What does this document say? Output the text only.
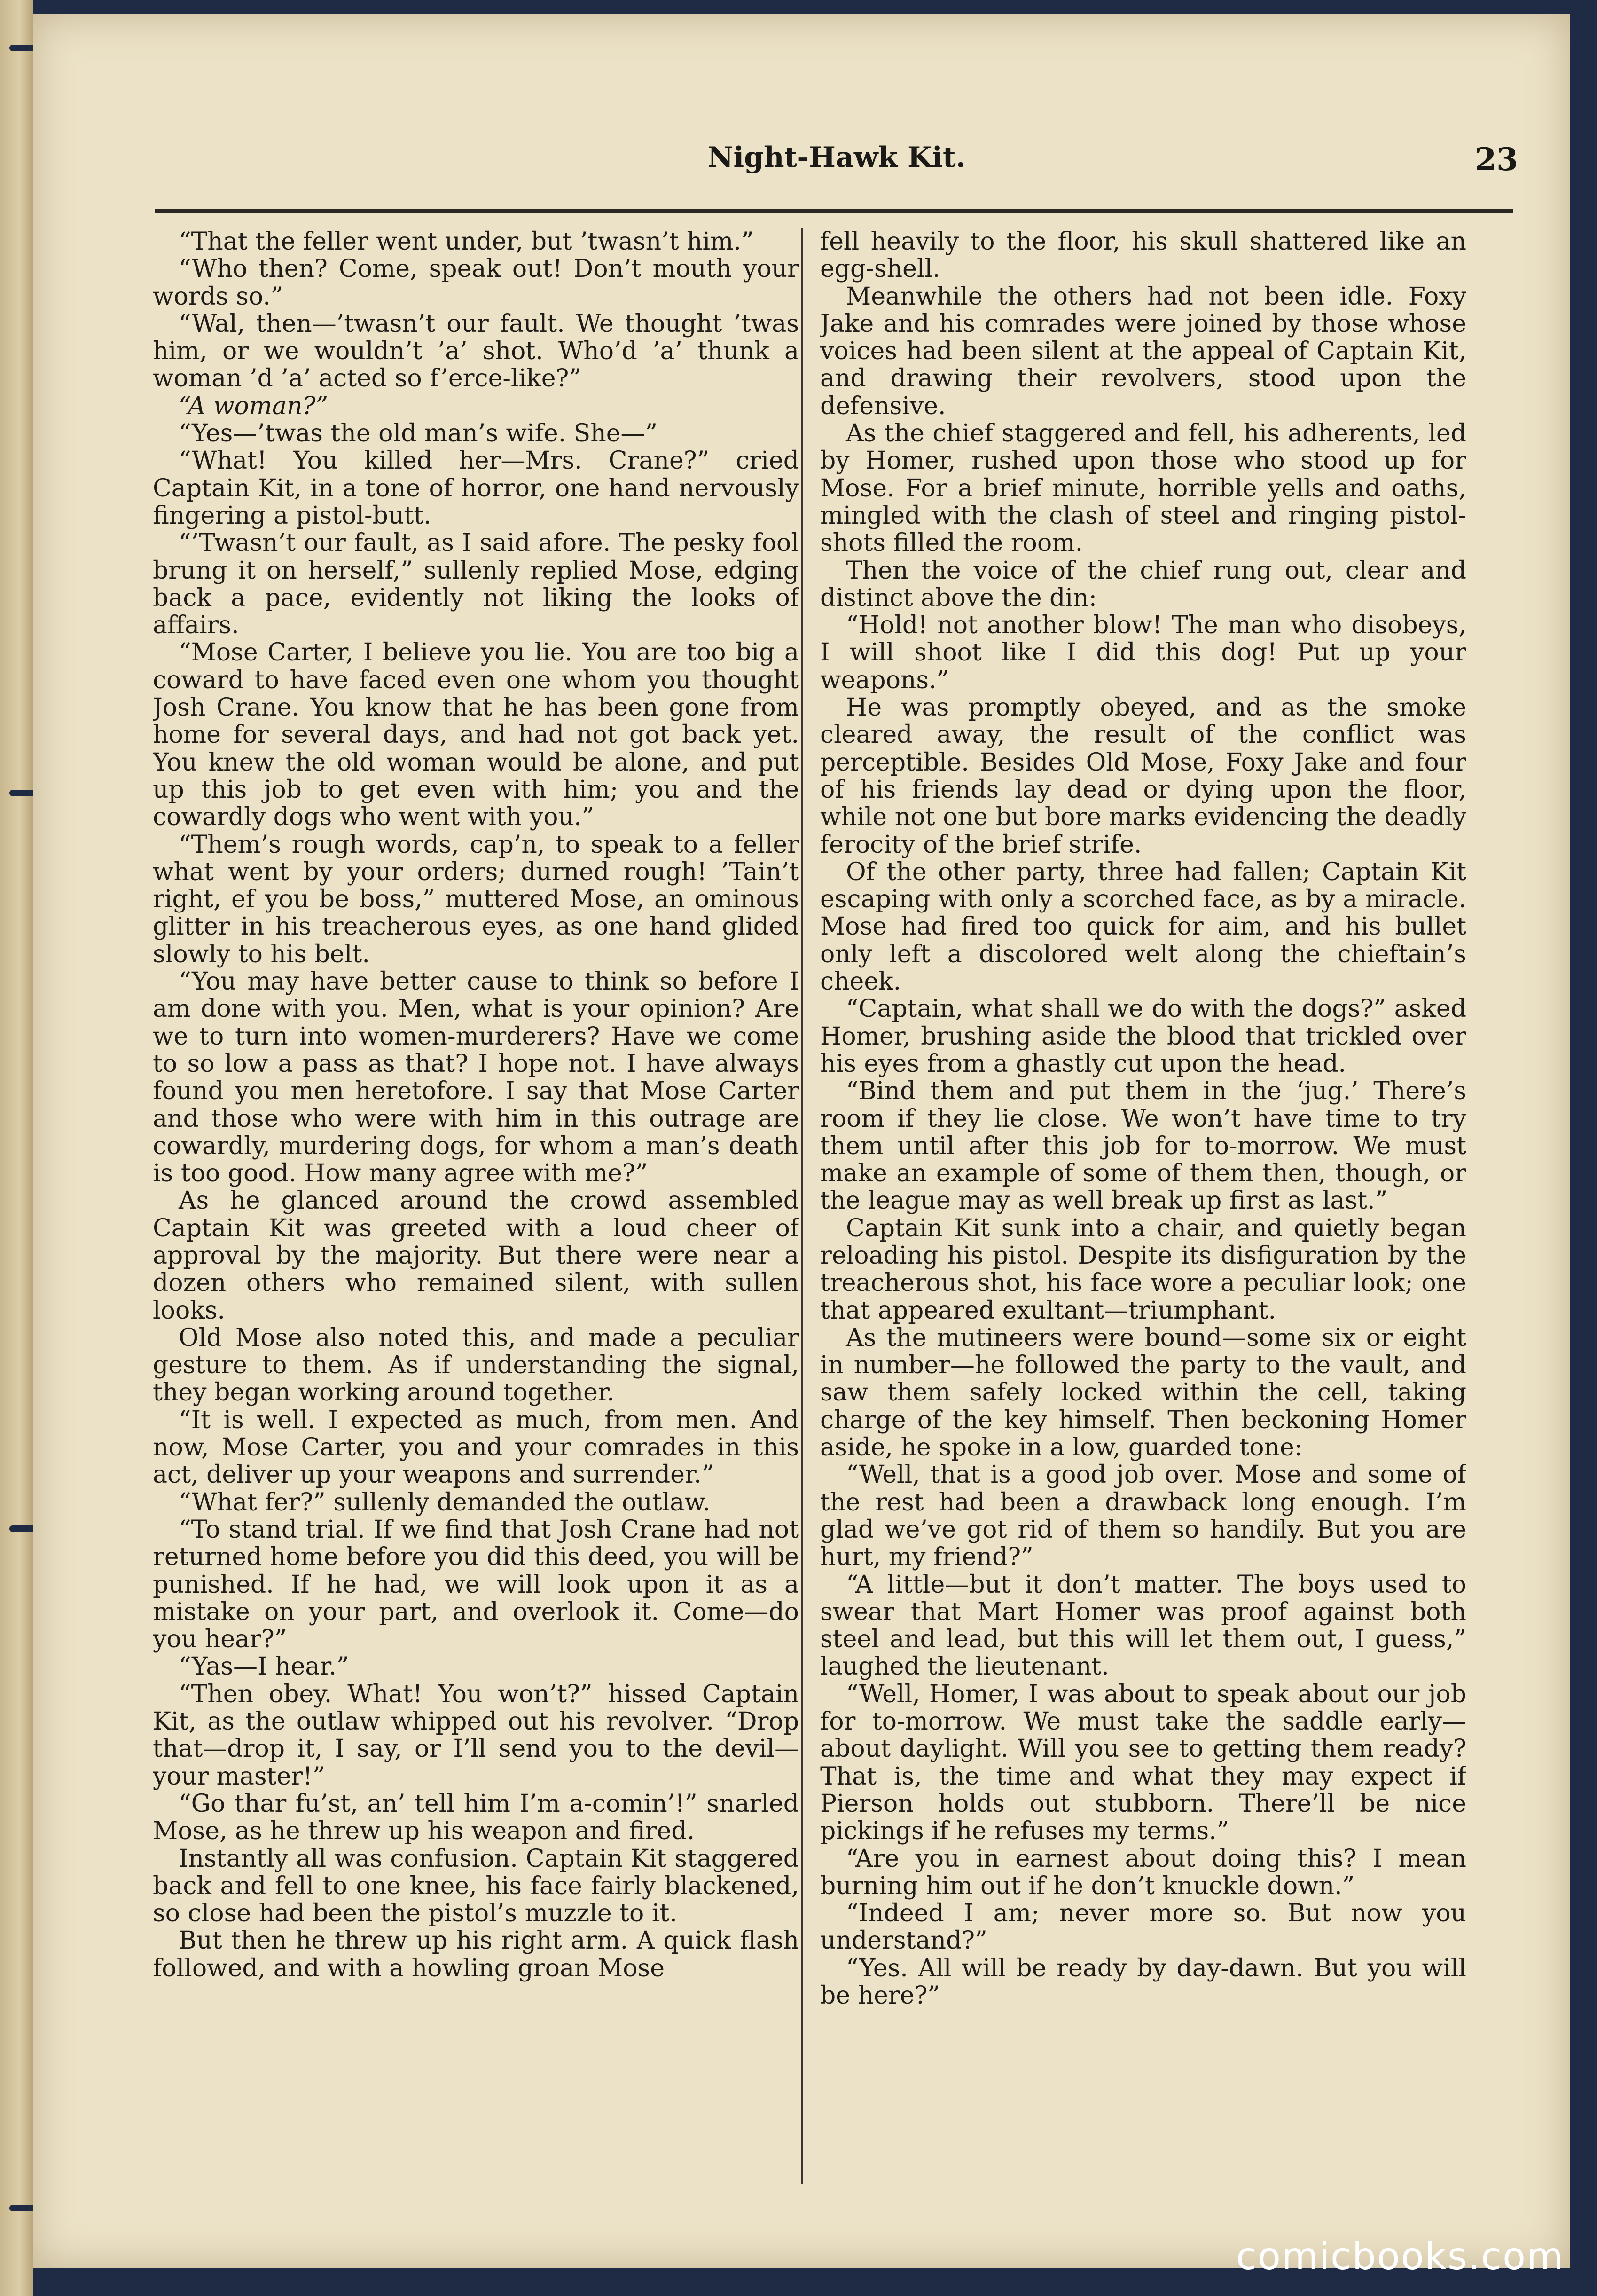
Night-Hawk Kit.	23

“That the feller went under, but ’twasn’t him.”

“Who then? Come, speak out! Don’t mouth your words so.”

“Wal, then—’twasn’t our fault. We thought ’twas him, or we wouldn’t ’a’ shot. Who’d ’a’ thunk a woman ’d ’a’ acted so f’erce-like?”

“A woman?”

“Yes—’twas the old man’s wife. She—”

“What! You killed her—Mrs. Crane?” cried Captain Kit, in a tone of horror, one hand nervously fingering a pistol-butt.

“’Twasn’t our fault, as I said afore. The pesky fool brung it on herself,” sullenly replied Mose, edging back a pace, evidently not liking the looks of affairs.

“Mose Carter, I believe you lie. You are too big a coward to have faced even one whom you thought Josh Crane. You know that he has been gone from home for several days, and had not got back yet. You knew the old woman would be alone, and put up this job to get even with him; you and the cowardly dogs who went with you.”

“Them’s rough words, cap’n, to speak to a feller what went by your orders; durned rough! ’Tain’t right, ef you be boss,” muttered Mose, an ominous glitter in his treacherous eyes, as one hand glided slowly to his belt.

“You may have better cause to think so before I am done with you. Men, what is your opinion? Are we to turn into women-murderers? Have we come to so low a pass as that? I hope not. I have always found you men heretofore. I say that Mose Carter and those who were with him in this outrage are cowardly, murdering dogs, for whom a man’s death is too good. How many agree with me?”

As he glanced around the crowd assembled Captain Kit was greeted with a loud cheer of approval by the majority. But there were near a dozen others who remained silent, with sullen looks.

Old Mose also noted this, and made a peculiar gesture to them. As if understanding the signal, they began working around together.

“It is well. I expected as much, from men. And now, Mose Carter, you and your comrades in this act, deliver up your weapons and surrender.”

“What fer?” sullenly demanded the outlaw.

“To stand trial. If we find that Josh Crane had not returned home before you did this deed, you will be punished. If he had, we will look upon it as a mistake on your part, and overlook it. Come—do you hear?”

“Yas—I hear.”

“Then obey. What! You won’t?” hissed Captain Kit, as the outlaw whipped out his revolver. “Drop that—drop it, I say, or I’ll send you to the devil—your master!”

“Go thar fu’st, an’ tell him I’m a-comin’!” snarled Mose, as he threw up his weapon and fired.

Instantly all was confusion. Captain Kit staggered back and fell to one knee, his face fairly blackened, so close had been the pistol’s muzzle to it.

But then he threw up his right arm. A quick flash followed, and with a howling groan Mose

fell heavily to the floor, his skull shattered like an egg-shell.

Meanwhile the others had not been idle. Foxy Jake and his comrades were joined by those whose voices had been silent at the appeal of Captain Kit, and drawing their revolvers, stood upon the defensive.

As the chief staggered and fell, his adherents, led by Homer, rushed upon those who stood up for Mose. For a brief minute, horrible yells and oaths, mingled with the clash of steel and ringing pistol-shots filled the room.

Then the voice of the chief rung out, clear and distinct above the din:

“Hold! not another blow! The man who disobeys, I will shoot like I did this dog! Put up your weapons.”

He was promptly obeyed, and as the smoke cleared away, the result of the conflict was perceptible. Besides Old Mose, Foxy Jake and four of his friends lay dead or dying upon the floor, while not one but bore marks evidencing the deadly ferocity of the brief strife.

Of the other party, three had fallen; Captain Kit escaping with only a scorched face, as by a miracle. Mose had fired too quick for aim, and his bullet only left a discolored welt along the chieftain’s cheek.

“Captain, what shall we do with the dogs?” asked Homer, brushing aside the blood that trickled over his eyes from a ghastly cut upon the head.

“Bind them and put them in the ‘jug.’ There’s room if they lie close. We won’t have time to try them until after this job for to-morrow. We must make an example of some of them then, though, or the league may as well break up first as last.”

Captain Kit sunk into a chair, and quietly began reloading his pistol. Despite its disfiguration by the treacherous shot, his face wore a peculiar look; one that appeared exultant—triumphant.

As the mutineers were bound—some six or eight in number—he followed the party to the vault, and saw them safely locked within the cell, taking charge of the key himself. Then beckoning Homer aside, he spoke in a low, guarded tone:

“Well, that is a good job over. Mose and some of the rest had been a drawback long enough. I’m glad we’ve got rid of them so handily. But you are hurt, my friend?”

“A little—but it don’t matter. The boys used to swear that Mart Homer was proof against both steel and lead, but this will let them out, I guess,” laughed the lieutenant.

“Well, Homer, I was about to speak about our job for to-morrow. We must take the saddle early—about daylight. Will you see to getting them ready? That is, the time and what they may expect if Pierson holds out stubborn. There’ll be nice pickings if he refuses my terms.”

“Are you in earnest about doing this? I mean burning him out if he don’t knuckle down.”

“Indeed I am; never more so. But now you understand?”

“Yes. All will be ready by day-dawn. But you will be here?”

comicbooks.com
